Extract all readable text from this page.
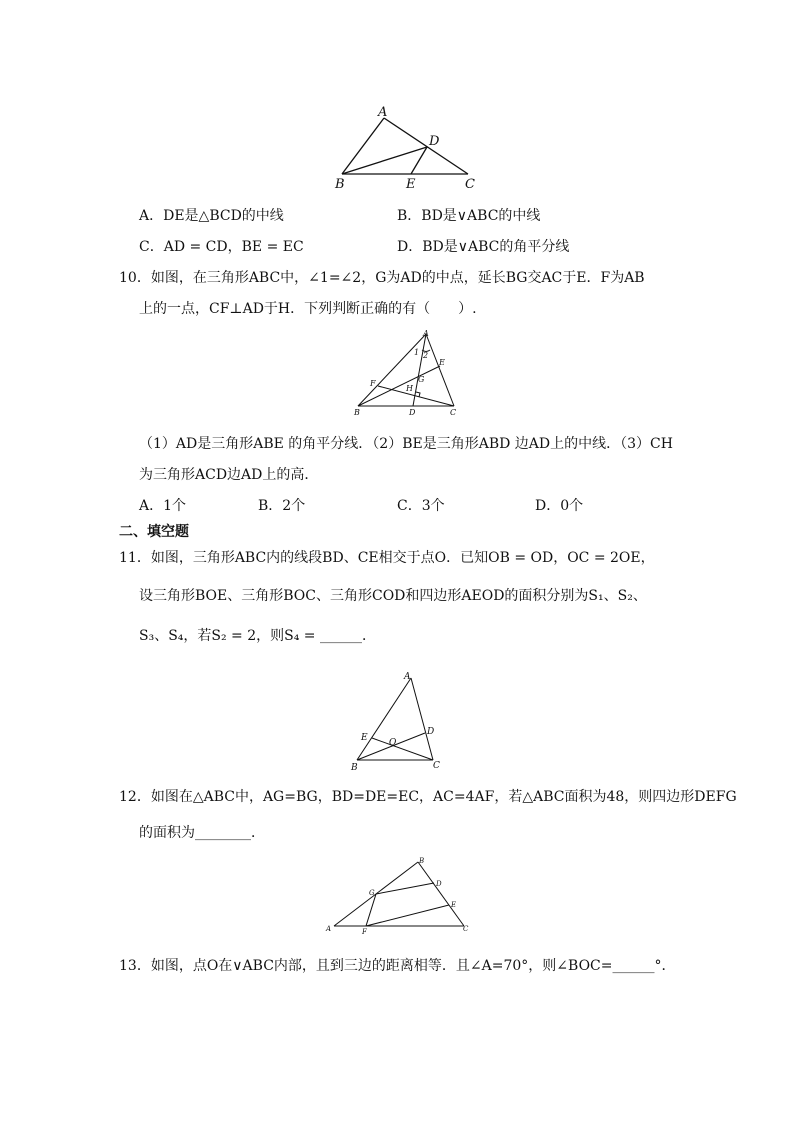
A
B	C
D
E
A．DE是△BCD的中线	B．BD是∨ABC的中线
C．AD = CD，BE = EC	D．BD是∨ABC的角平分线
10．如图，在三角形ABC中，∠1=∠2，G为AD的中点，延长BG交AC于E．F为AB
上的一点，CF⊥AD于H．下列判断正确的有（　　）.
A
1 2
E
G
H
F
B	D	C
（1）AD是三角形ABE 的角平分线．（2）BE是三角形ABD 边AD上的中线．（3）CH
为三角形ACD边AD上的高．
A．1个	B．2个	C．3个	D．0个
二、填空题
11．如图，三角形ABC内的线段BD、CE相交于点O．已知OB = OD，OC = 2OE，
设三角形BOE、三角形BOC、三角形COD和四边形AEOD的面积分别为S₁、S₂、
S₃、S₄，若S₂ = 2，则S₄ = ______．
A
E O
D
B	C
12．如图在△ABC中，AG=BG，BD=DE=EC，AC=4AF，若△ABC面积为48，则四边形DEFG
的面积为________．
B
D
G
E
A	F	C
13．如图，点O在∨ABC内部，且到三边的距离相等．且∠A=70°，则∠BOC=______°．
